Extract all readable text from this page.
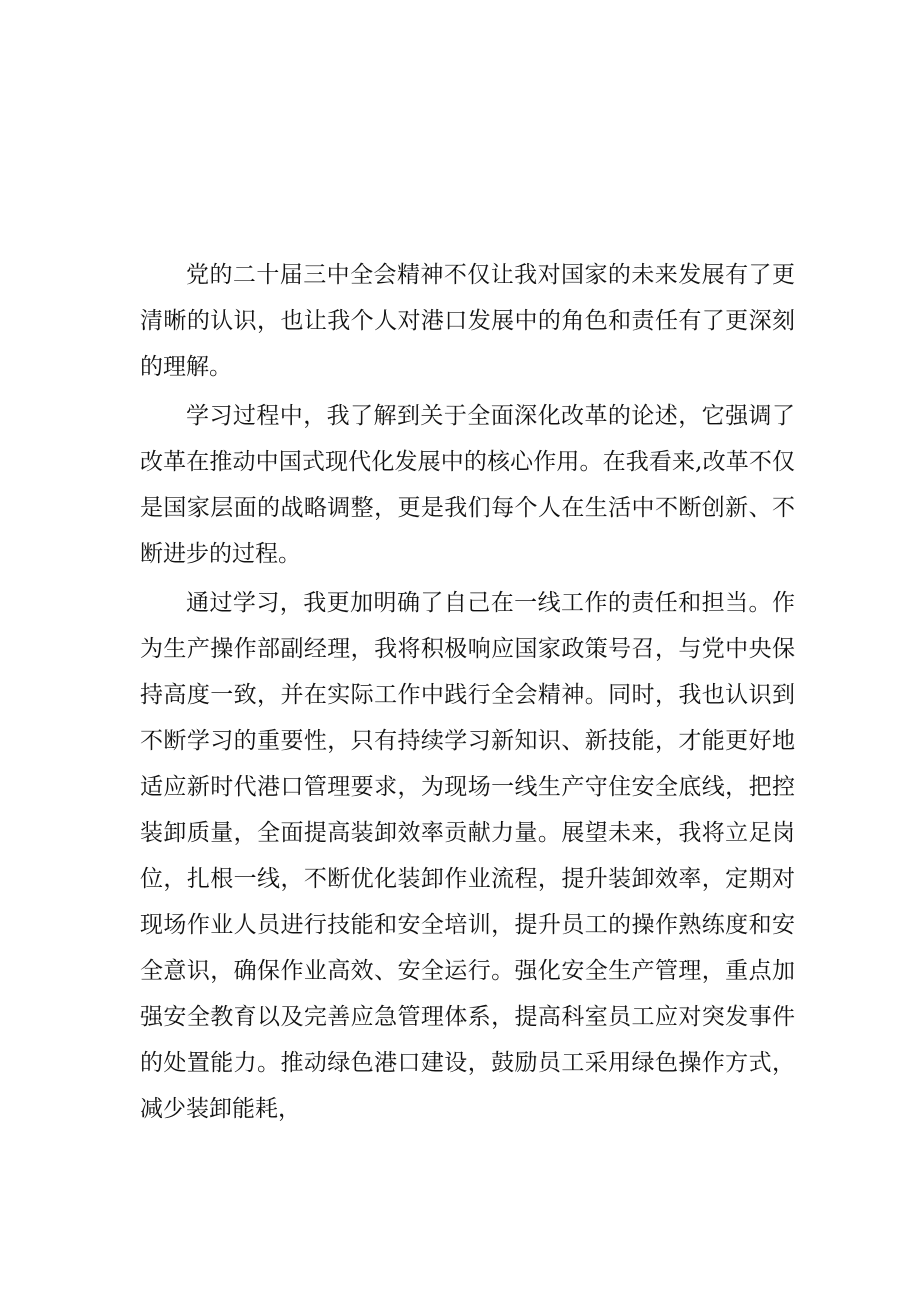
党的二十届三中全会精神不仅让我对国家的未来发展有了更清晰的认识，也让我个人对港口发展中的角色和责任有了更深刻的理解。

学习过程中，我了解到关于全面深化改革的论述，它强调了改革在推动中国式现代化发展中的核心作用。在我看来,改革不仅是国家层面的战略调整，更是我们每个人在生活中不断创新、不断进步的过程。

通过学习，我更加明确了自己在一线工作的责任和担当。作为生产操作部副经理，我将积极响应国家政策号召，与党中央保持高度一致，并在实际工作中践行全会精神。同时，我也认识到不断学习的重要性，只有持续学习新知识、新技能，才能更好地适应新时代港口管理要求，为现场一线生产守住安全底线，把控装卸质量，全面提高装卸效率贡献力量。展望未来，我将立足岗位，扎根一线，不断优化装卸作业流程，提升装卸效率，定期对现场作业人员进行技能和安全培训，提升员工的操作熟练度和安全意识，确保作业高效、安全运行。强化安全生产管理，重点加强安全教育以及完善应急管理体系，提高科室员工应对突发事件的处置能力。推动绿色港口建设，鼓励员工采用绿色操作方式，减少装卸能耗，
